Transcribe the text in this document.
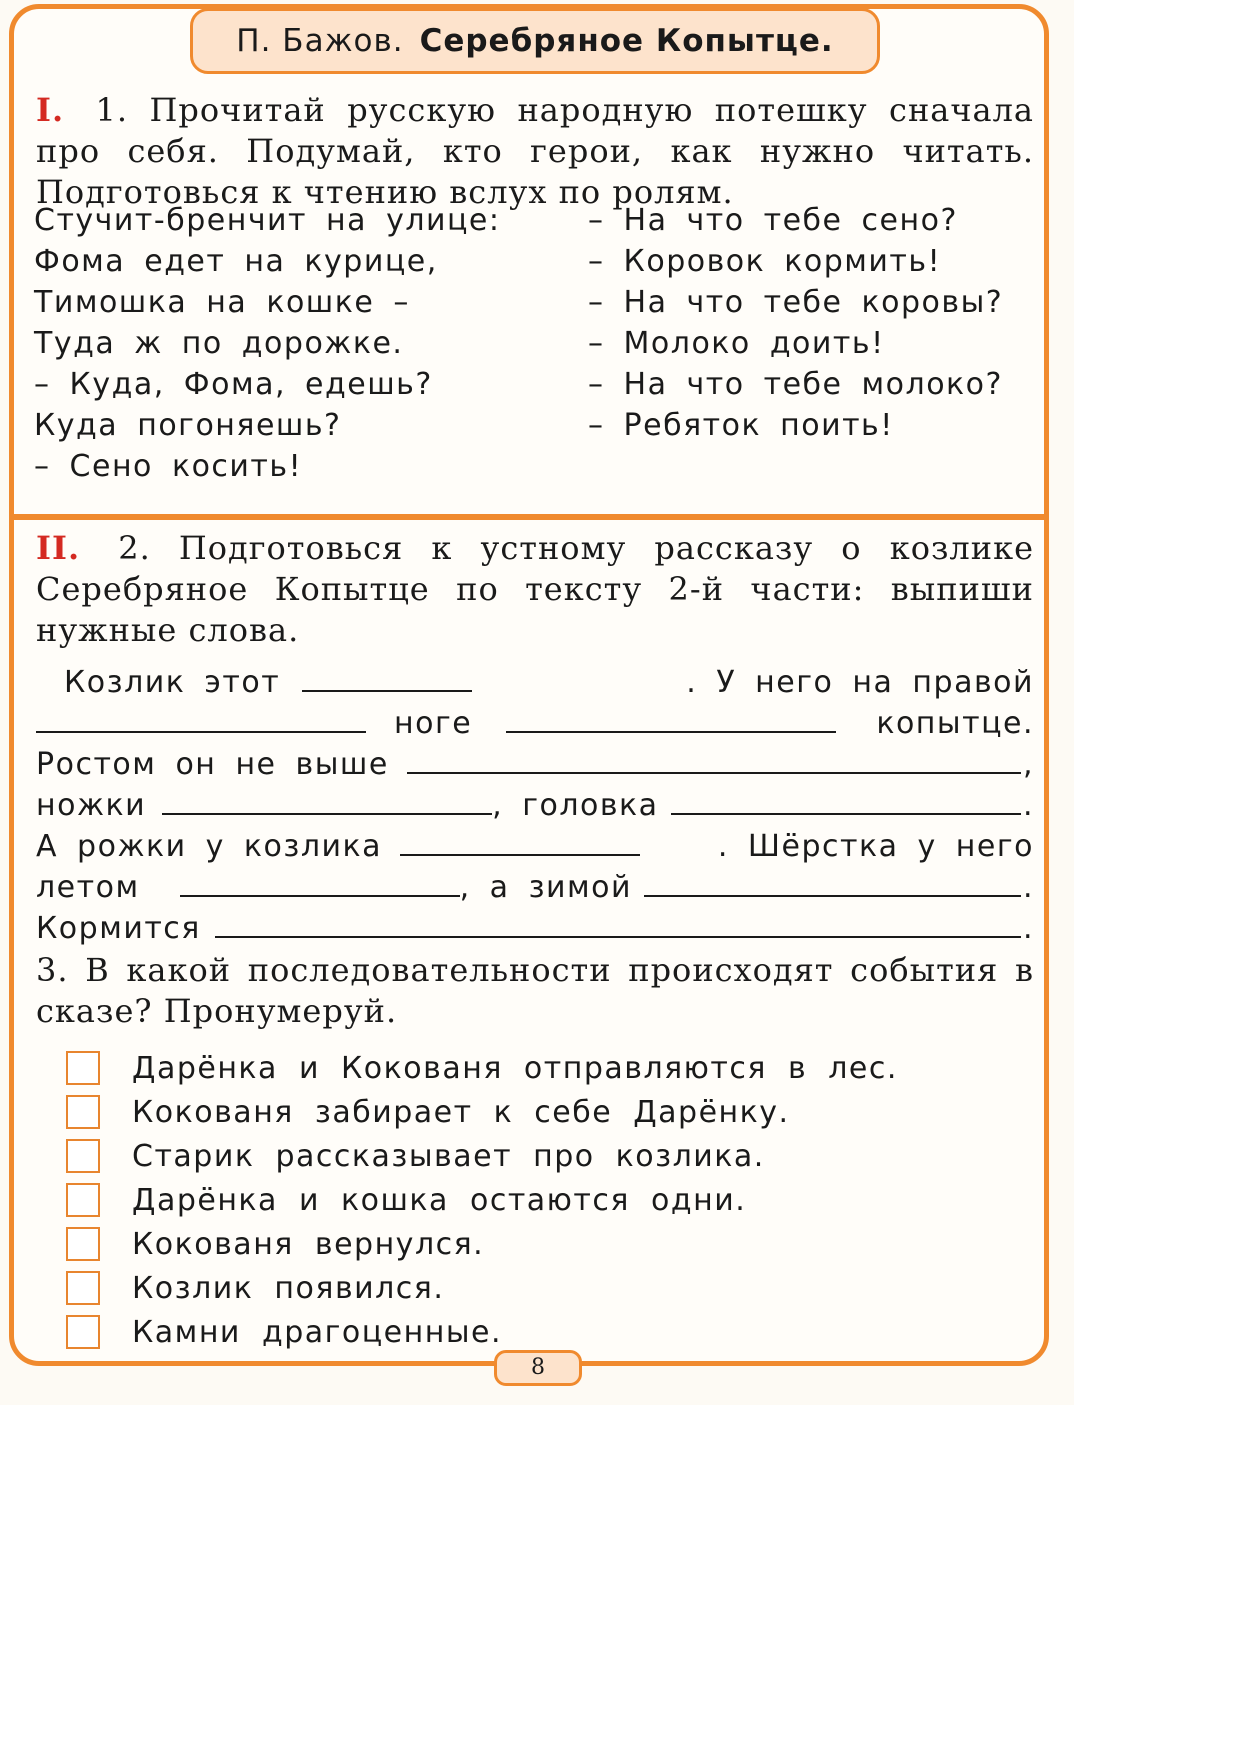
П. Бажов. Серебряное Копытце.
I. 1. Прочитай русскую народную потешку сначала про себя. Подумай, кто герои, как нужно читать. Подготовься к чтению вслух по ролям.
Стучит-бренчит на улице:
Фома едет на курице,
Тимошка на кошке –
Туда ж по дорожке.
– Куда, Фома, едешь?
Куда погоняешь?
– Сено косить!
– На что тебе сено?
– Коровок кормить!
– На что тебе коровы?
– Молоко доить!
– На что тебе молоко?
– Ребяток поить!
II. 2. Подготовься к устному рассказу о козлике Серебряное Копытце по тексту 2-й части: выпиши нужные слова.
Козлик этот	. У него на правой
ноге	копытце.
Ростом он не выше	,
ножки	, головка	.
А рожки у козлика	. Шёрстка у него
летом	, а зимой	.
Кормится	.
3. В какой последовательности происходят события в сказе? Пронумеруй.
Дарёнка и Кокованя отправляются в лес.
Кокованя забирает к себе Дарёнку.
Старик рассказывает про козлика.
Дарёнка и кошка остаются одни.
Кокованя вернулся.
Козлик появился.
Камни драгоценные.
8
